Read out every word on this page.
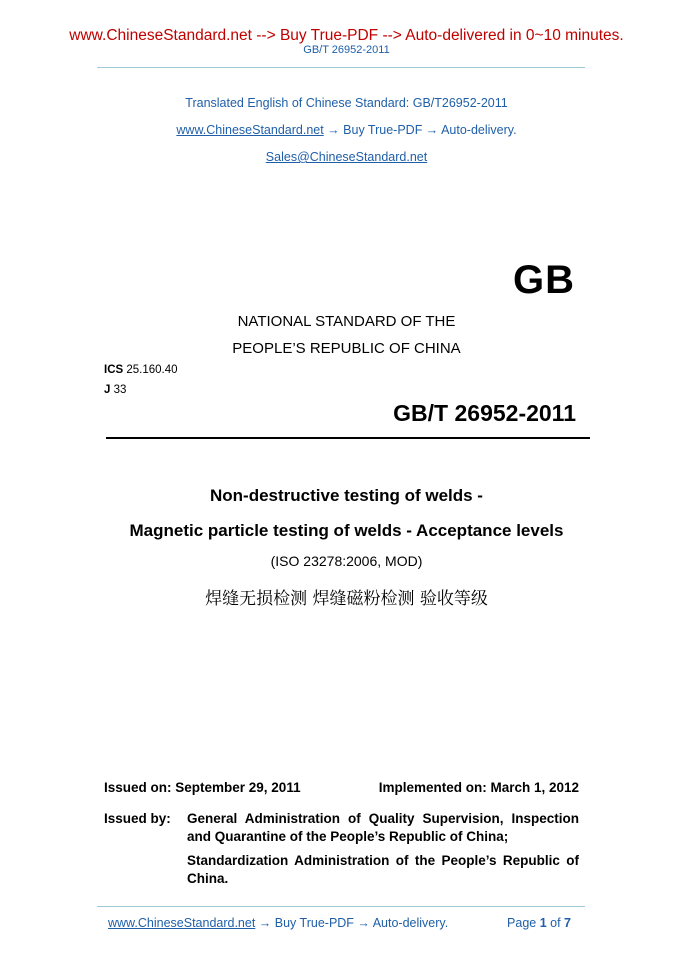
www.ChineseStandard.net --> Buy True-PDF --> Auto-delivered in 0~10 minutes.
GB/T 26952-2011
Translated English of Chinese Standard: GB/T26952-2011
www.ChineseStandard.net → Buy True-PDF → Auto-delivery.
Sales@ChineseStandard.net
GB
NATIONAL STANDARD OF THE
PEOPLE’S REPUBLIC OF CHINA
ICS 25.160.40
J 33
GB/T 26952-2011
Non-destructive testing of welds -
Magnetic particle testing of welds - Acceptance levels
(ISO 23278:2006, MOD)
焊缝无损检测 焊缝磁粉检测 验收等级
Issued on: September 29, 2011	Implemented on: March 1, 2012
Issued by: General Administration of Quality Supervision, Inspection and Quarantine of the People’s Republic of China;

Standardization Administration of the People’s Republic of China.

www.ChineseStandard.net → Buy True-PDF → Auto-delivery.	Page 1 of 7
